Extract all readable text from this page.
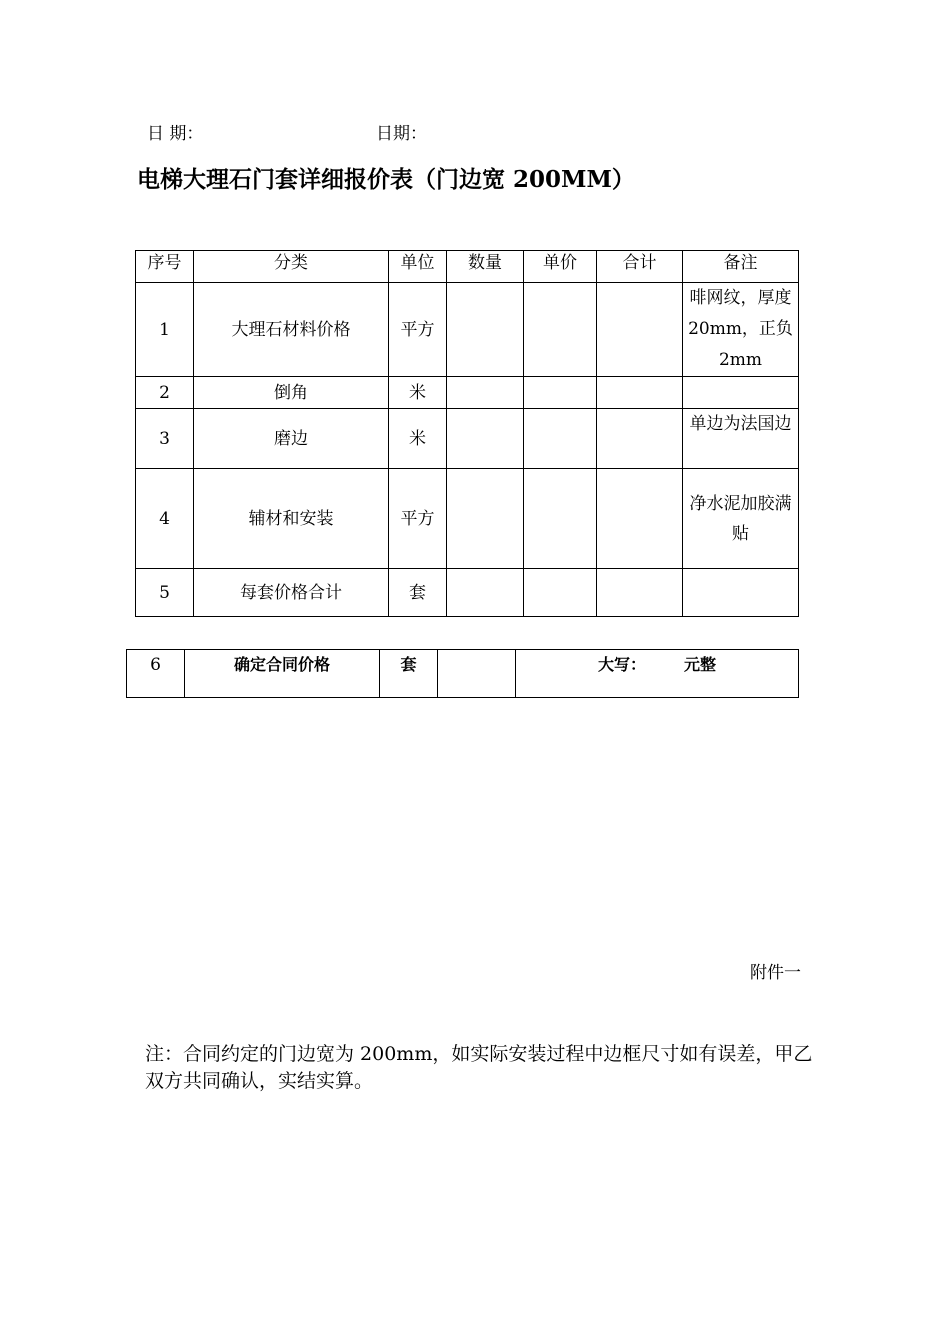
日 期：	日期：
电梯大理石门套详细报价表（门边宽 200MM）
序号	分类	单位	数量	单价	合计	备注
1	大理石材料价格	平方				啡网纹，厚度 20mm，正负 2mm
2	倒角	米				
3	磨边	米				单边为法国边
4	辅材和安装	平方				净水泥加胶满贴
5	每套价格合计	套				
6	确定合同价格	套		大写： 元整
附件一
注：合同约定的门边宽为 200mm，如实际安装过程中边框尺寸如有误差，甲乙双方共同确认，实结实算。
